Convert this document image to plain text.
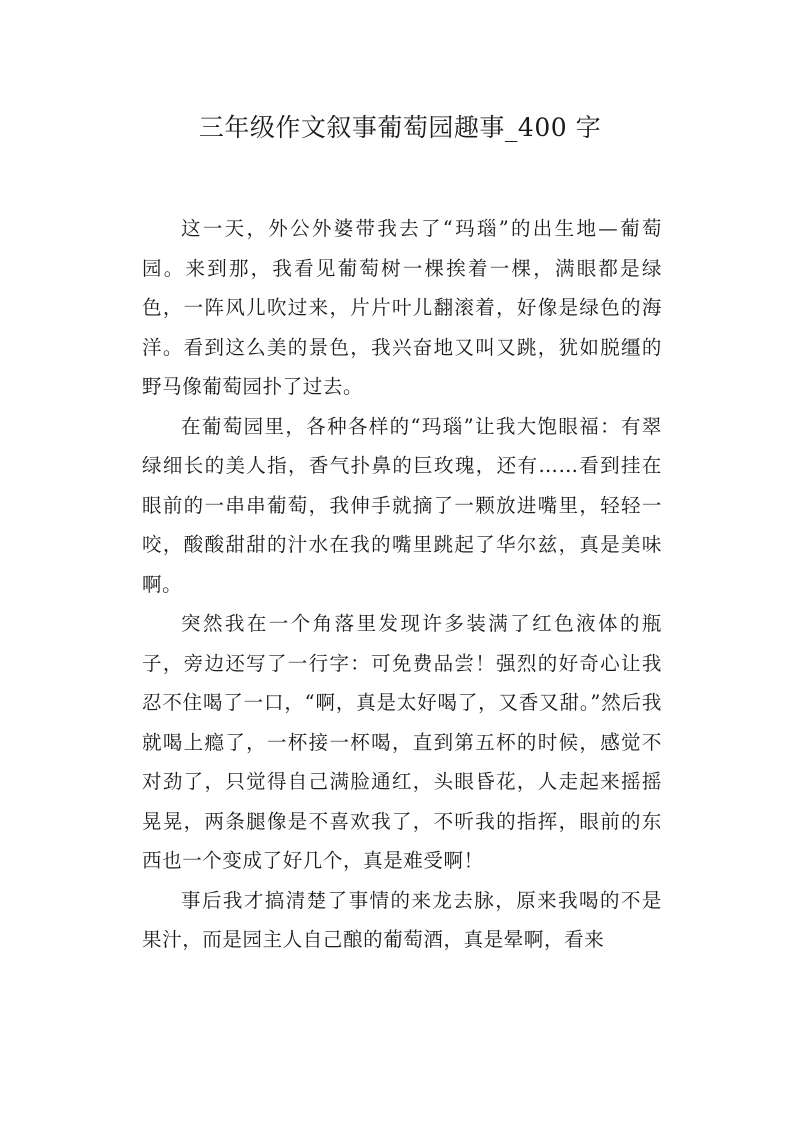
三年级作文叙事葡萄园趣事_400 字

这一天，外公外婆带我去了“玛瑙”的出生地—葡萄园。来到那，我看见葡萄树一棵挨着一棵，满眼都是绿色，一阵风儿吹过来，片片叶儿翻滚着，好像是绿色的海洋。看到这么美的景色，我兴奋地又叫又跳，犹如脱缰的野马像葡萄园扑了过去。

在葡萄园里，各种各样的“玛瑙”让我大饱眼福：有翠绿细长的美人指，香气扑鼻的巨玫瑰，还有……看到挂在眼前的一串串葡萄，我伸手就摘了一颗放进嘴里，轻轻一咬，酸酸甜甜的汁水在我的嘴里跳起了华尔兹，真是美味啊。

突然我在一个角落里发现许多装满了红色液体的瓶子，旁边还写了一行字：可免费品尝！强烈的好奇心让我忍不住喝了一口，“啊，真是太好喝了，又香又甜。”然后我就喝上瘾了，一杯接一杯喝，直到第五杯的时候，感觉不对劲了，只觉得自己满脸通红，头眼昏花，人走起来摇摇晃晃，两条腿像是不喜欢我了，不听我的指挥，眼前的东西也一个变成了好几个，真是难受啊！

事后我才搞清楚了事情的来龙去脉，原来我喝的不是果汁，而是园主人自己酿的葡萄酒，真是晕啊，看来
